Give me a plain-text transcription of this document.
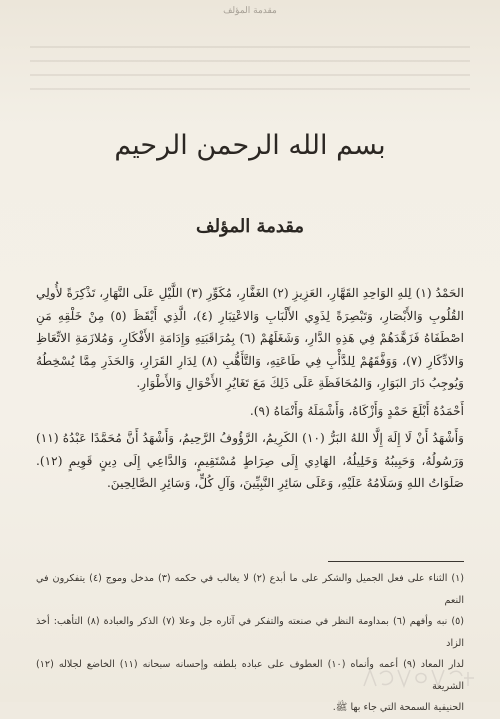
مقدمة المؤلف
بسم الله الرحمن الرحيم
مقدمة المؤلف

الحَمْدُ (١) لِلهِ الوَاحِدِ القَهَّارِ، العَزِيزِ (٢) الغَفَّارِ، مُكَوِّرِ (٣) اللَّيْلِ عَلَى النَّهَارِ، تَذْكِرَةً لأُولِي القُلُوبِ وَالأَبْصَارِ، وَتَبْصِرَةً لِذَوِي الأَلْبَابِ وَالاعْتِبَارِ (٤)، الَّذِي أَيْقَظَ (٥) مِنْ خَلْقِهِ مَنِ اصْطَفَاهُ فَزَهَّدَهُمْ فِي هَذِهِ الدَّارِ، وَشَغَلَهُمْ (٦) بِمُرَاقَبَتِهِ وَإِدَامَةِ الأَفْكَارِ، وَمُلازَمَةِ الاتِّعَاظِ وَالادِّكَارِ (٧)، وَوَفَّقَهُمْ لِلدَّأْبِ فِي طَاعَتِهِ، وَالتَّأَهُّبِ (٨) لِدَارِ القَرَارِ، وَالحَذَرِ مِمَّا يُسْخِطُهُ وَيُوجِبُ دَارَ البَوَارِ، وَالمُحَافَظَةِ عَلَى ذَلِكَ مَعَ تَغَايُرِ الأَحْوَالِ وَالأَطْوَارِ.

أَحْمَدُهُ أَبْلَغَ حَمْدٍ وَأَزْكَاهُ، وَأَشْمَلَهُ وَأَنْمَاهُ (٩).

وَأَشْهَدُ أَنْ لَا إِلَهَ إِلَّا اللهُ البَرُّ (١٠) الكَرِيمُ، الرَّؤُوفُ الرَّحِيمُ، وَأَشْهَدُ أَنَّ مُحَمَّدًا عَبْدُهُ (١١) وَرَسُولُهُ، وَحَبِيبُهُ وَخَلِيلُهُ، الهَادِي إِلَى صِرَاطٍ مُسْتَقِيمٍ، وَالدَّاعِي إِلَى دِينٍ قَوِيمٍ (١٢). صَلَوَاتُ اللهِ وَسَلَامُهُ عَلَيْهِ، وَعَلَى سَائِرِ النَّبِيِّينَ، وَآلِ كُلٍّ، وَسَائِرِ الصَّالِحِينَ.

(١) الثناء على فعل الجميل والشكر على ما أبدع (٢) لا يغالب في حكمه (٣) مدخل وموج (٤) يتفكرون في النعم
(٥) نبه وأفهم (٦) بمداومة النظر في صنعته والتفكر في آثاره جل وعلا (٧) الذكر والعبادة (٨) التأهب: أخذ الزاد
لدار المعاد (٩) أعمه وأنماه (١٠) العطوف على عباده بلطفه وإحسانه سبحانه (١١) الخاضع لجلاله (١٢) الشريعة
الحنيفية السمحة التي جاء بها ﷺ.
